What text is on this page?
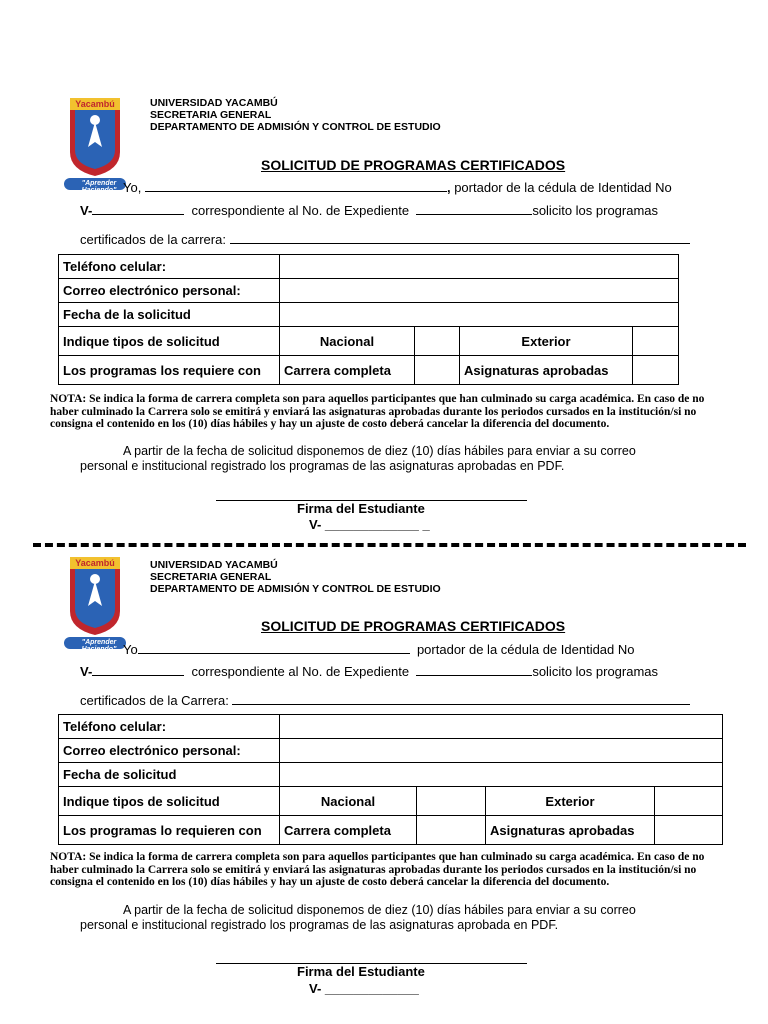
universidad
Yacambú
"Aprender Haciendo"
UNIVERSIDAD YACAMBÚ
SECRETARIA GENERAL
DEPARTAMENTO DE ADMISIÓN Y CONTROL DE ESTUDIO
SOLICITUD DE PROGRAMAS CERTIFICADOS
Yo,	, portador de la cédula de Identidad No
V-	correspondiente al No. de Expediente	solicito los programas
certificados de la carrera:
Teléfono celular:				
Correo electrónico personal:				
Fecha de la solicitud				
Indique tipos de solicitud	Nacional		Exterior	
Los programas los requiere con	Carrera completa		Asignaturas aprobadas	
NOTA: Se indica la forma de carrera completa son para aquellos participantes que han culminado su carga académica. En caso de no haber culminado la Carrera solo se emitirá y enviará las asignaturas aprobadas durante los periodos cursados en la institución/si no consigna el contenido en los (10) días hábiles y hay un ajuste de costo deberá cancelar la diferencia del documento.
A partir de la fecha de solicitud disponemos de diez (10) días hábiles para enviar a su correo personal e institucional registrado los programas de las asignaturas aprobadas en PDF.
Firma del Estudiante
V- _____________ _
universidad
Yacambú
"Aprender Haciendo"
UNIVERSIDAD YACAMBÚ
SECRETARIA GENERAL
DEPARTAMENTO DE ADMISIÓN Y CONTROL DE ESTUDIO
SOLICITUD DE PROGRAMAS CERTIFICADOS
Yo	portador de la cédula de Identidad No
V-	correspondiente al No. de Expediente	solicito los programas
certificados de la Carrera:
Teléfono celular:				
Correo electrónico personal:				
Fecha de solicitud				
Indique tipos de solicitud	Nacional		Exterior	
Los programas lo requieren con	Carrera completa		Asignaturas aprobadas	
NOTA: Se indica la forma de carrera completa son para aquellos participantes que han culminado su carga académica. En caso de no haber culminado la Carrera solo se emitirá y enviará las asignaturas aprobadas durante los periodos cursados en la institución/si no consigna el contenido en los (10) días hábiles y hay un ajuste de costo deberá cancelar la diferencia del documento.
A partir de la fecha de solicitud disponemos de diez (10) días hábiles para enviar a su correo personal e institucional registrado los programas de las asignaturas aprobada en PDF.
Firma del Estudiante
V- _____________
